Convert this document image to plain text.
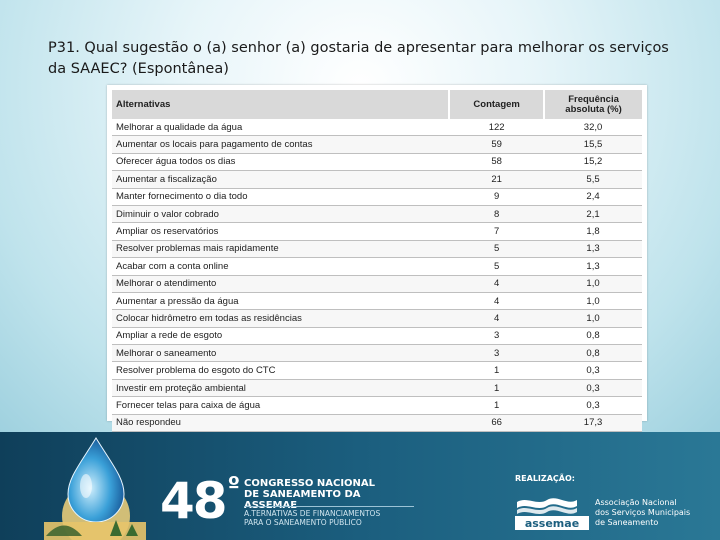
P31. Qual sugestão o (a) senhor (a) gostaria de apresentar para melhorar os serviços da SAAEC? (Espontânea)
Alternativas	Contagem	Frequência
absoluta (%)
Melhorar a qualidade da água	122	32,0
Aumentar os locais para pagamento de contas	59	15,5
Oferecer água todos os dias	58	15,2
Aumentar a fiscalização	21	5,5
Manter fornecimento o dia todo	9	2,4
Diminuir o valor cobrado	8	2,1
Ampliar os reservatórios	7	1,8
Resolver problemas mais rapidamente	5	1,3
Acabar com a conta online	5	1,3
Melhorar o atendimento	4	1,0
Aumentar a pressão da água	4	1,0
Colocar hidrômetro em todas as residências	4	1,0
Ampliar a rede de esgoto	3	0,8
Melhorar o saneamento	3	0,8
Resolver problema do esgoto do CTC	1	0,3
Investir em proteção ambiental	1	0,3
Fornecer telas para caixa de água	1	0,3
Não respondeu	66	17,3
$48^º$ CONGRESSO NACIONAL
DE SANEAMENTO DA ASSEMAE
A.TERNATIVAS DE FINANCIAMENTOS
PARA O SANEAMENTO PÚBLICO
REALIZAÇÃO:
assemae
Associação Nacional
dos Serviços Municipais
de Saneamento
